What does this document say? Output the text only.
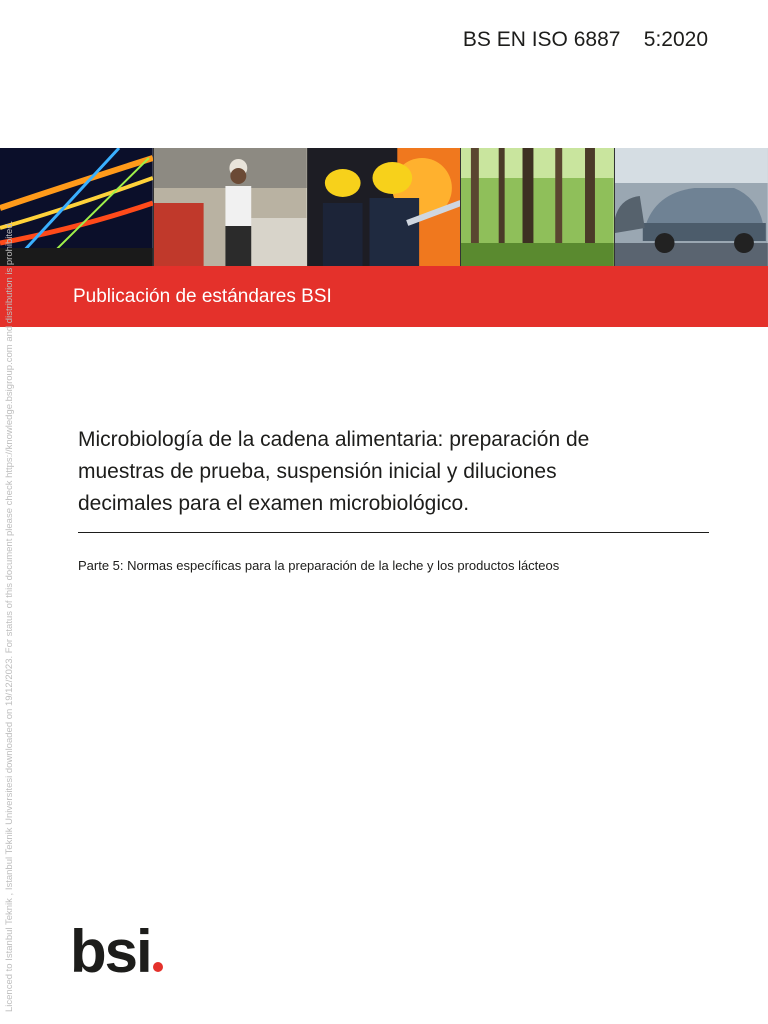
BS EN ISO 6887    5:2020
Publicación de estándares BSI
Microbiología de la cadena alimentaria: preparación de muestras de prueba, suspensión inicial y diluciones decimales para el examen microbiológico.
Parte 5: Normas específicas para la preparación de la leche y los productos lácteos
Licenced to Istanbul Teknik , Istanbul Teknik Universitesi downloaded on 19/12/2023. For status of this document please check https://knowledge.bsigroup.com and distribution is prohibited. bsi
